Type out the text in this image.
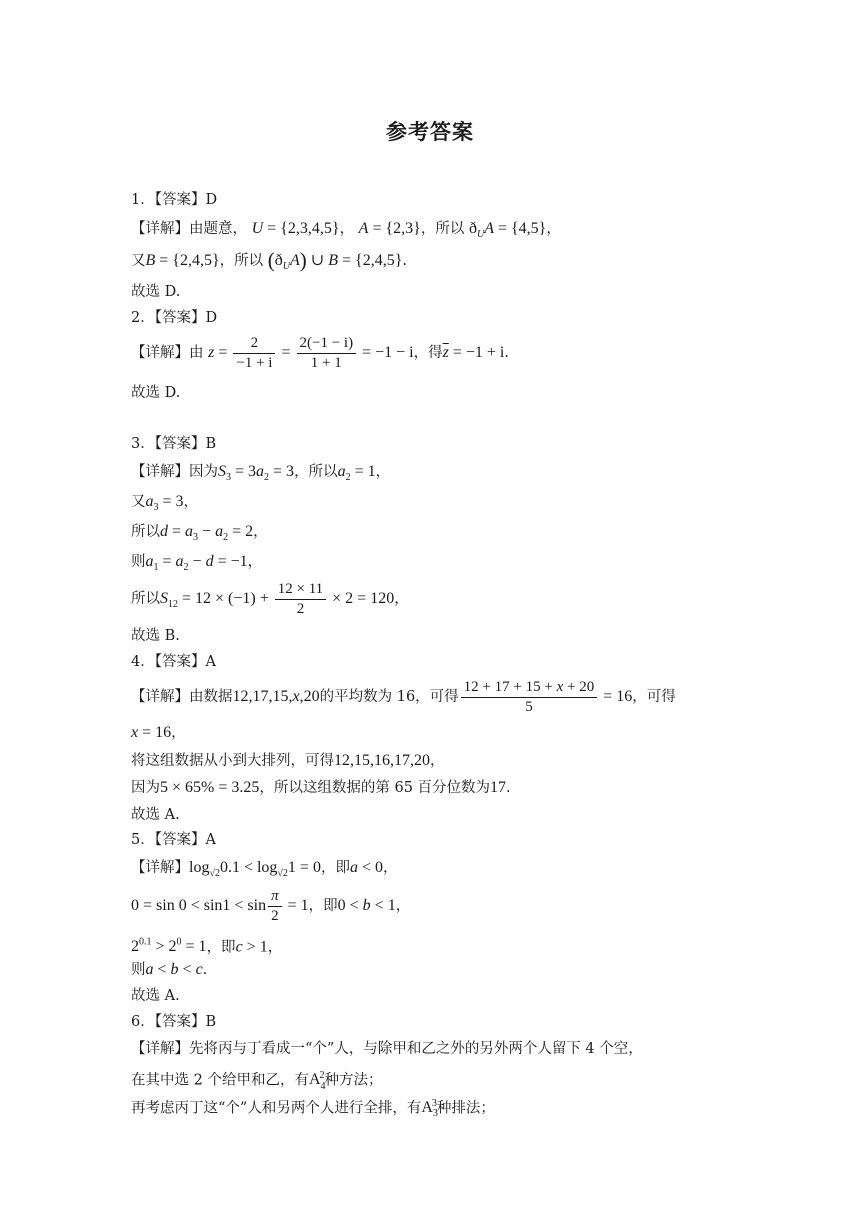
参考答案
1．【答案】D
【详解】由题意， U = {2,3,4,5}， A = {2,3}，所以 $ð_UA = \{4,5\}$，
又B = {2,4,5}，所以 $(ð_UA)$ ∪ B = {2,4,5}.
故选 D.
2．【答案】D
【详解】由 $z = \frac{2}{-1 + i} = \frac{2(-1 - i)}{1 + 1} = -1 - i$，得$\overline{z} = -1 + i$.
故选 D.
3．【答案】B
【详解】因为$S_3 = 3a_2 = 3$，所以$a_2 = 1$，
又$a_3 = 3$，
所以$d = a_3 - a_2 = 2$，
则$a_1 = a_2 - d = -1$，
所以$S_{12} = 12 \times (-1) + \frac{12 \times 11}{2} \times 2 = 120$，
故选 B.
4．【答案】A
【详解】由数据12,17,15,x,20的平均数为 16，可得 $\frac{12 + 17 + 15 + x + 20}{5} = 16$，可得
x = 16，
将这组数据从小到大排列，可得12,15,16,17,20，
因为5 × 65% = 3.25，所以这组数据的第 65 百分位数为17.
故选 A.
5．【答案】A
【详解】$\log_{√2}0.1 < \log_{√2}1 = 0$，即a < 0，
$0 = \sin 0 < \sin 1 < \sin \frac{\pi}{2} = 1$，即0 < b < 1，
$2^{0.1} > 2^0 = 1$，即c > 1，
则a < b < c.
故选 A.
6．【答案】B
【详解】先将丙与丁看成一“个”人，与除甲和乙之外的另外两个人留下 4 个空，
在其中选 2 个给甲和乙，有$A_4^2$种方法；
再考虑丙丁这“个”人和另两个人进行全排，有$A_3^3$种排法；
